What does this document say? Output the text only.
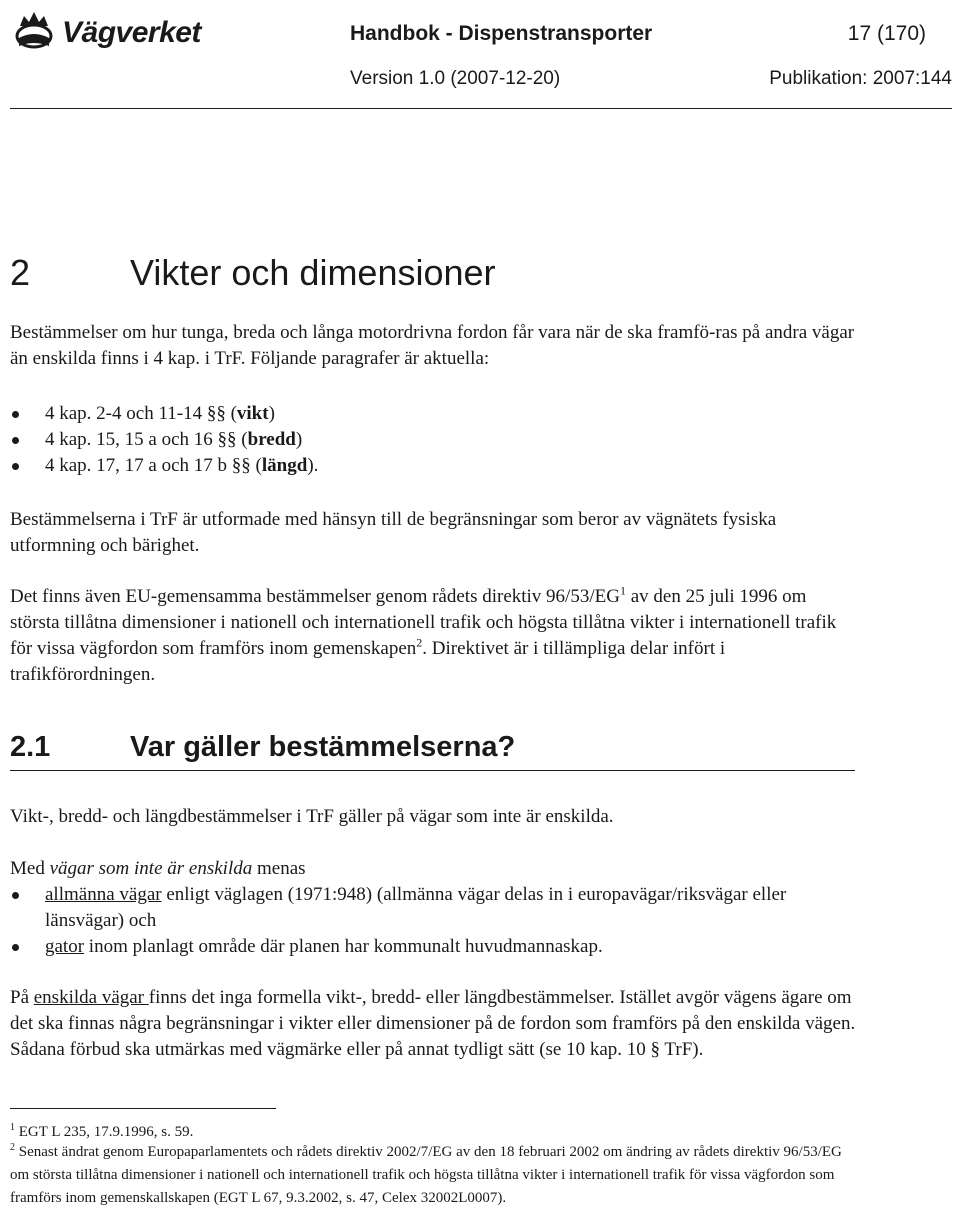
Vägverket	Handbok - Dispenstransporter	17 (170)
Version 1.0 (2007-12-20)	Publikation: 2007:144
2	Vikter och dimensioner
Bestämmelser om hur tunga, breda och långa motordrivna fordon får vara när de ska framfö-ras på andra vägar än enskilda finns i 4 kap. i TrF. Följande paragrafer är aktuella:
4 kap. 2-4 och 11-14 §§ (vikt)
4 kap. 15, 15 a och 16 §§ (bredd)
4 kap. 17, 17 a och 17 b §§ (längd).
Bestämmelserna i TrF är utformade med hänsyn till de begränsningar som beror av vägnätets fysiska utformning och bärighet.
Det finns även EU-gemensamma bestämmelser genom rådets direktiv $96/53/EG^1$ av den 25 juli 1996 om största tillåtna dimensioner i nationell och internationell trafik och högsta tillåtna vikter i internationell trafik för vissa vägfordon som framförs inom gemenskapen$^2$. Direktivet är i tillämpliga delar infört i trafikförordningen.
2.1	Var gäller bestämmelserna?
Vikt-, bredd- och längdbestämmelser i TrF gäller på vägar som inte är enskilda.
Med vägar som inte är enskilda menas
allmänna vägar enligt väglagen (1971:948) (allmänna vägar delas in i europavägar/riksvägar eller länsvägar) och
gator inom planlagt område där planen har kommunalt huvudmannaskap.
På enskilda vägar finns det inga formella vikt-, bredd- eller längdbestämmelser. Istället avgör vägens ägare om det ska finnas några begränsningar i vikter eller dimensioner på de fordon som framförs på den enskilda vägen. Sådana förbud ska utmärkas med vägmärke eller på annat tydligt sätt (se 10 kap. 10 § TrF).
$^1$ EGT L 235, 17.9.1996, s. 59.
$^2$ Senast ändrat genom Europaparlamentets och rådets direktiv 2002/7/EG av den 18 februari 2002 om ändring av rådets direktiv 96/53/EG om största tillåtna dimensioner i nationell och internationell trafik och högsta tillåtna vikter i internationell trafik för vissa vägfordon som framförs inom gemenskallskapen (EGT L 67, 9.3.2002, s. 47, Celex 32002L0007).
